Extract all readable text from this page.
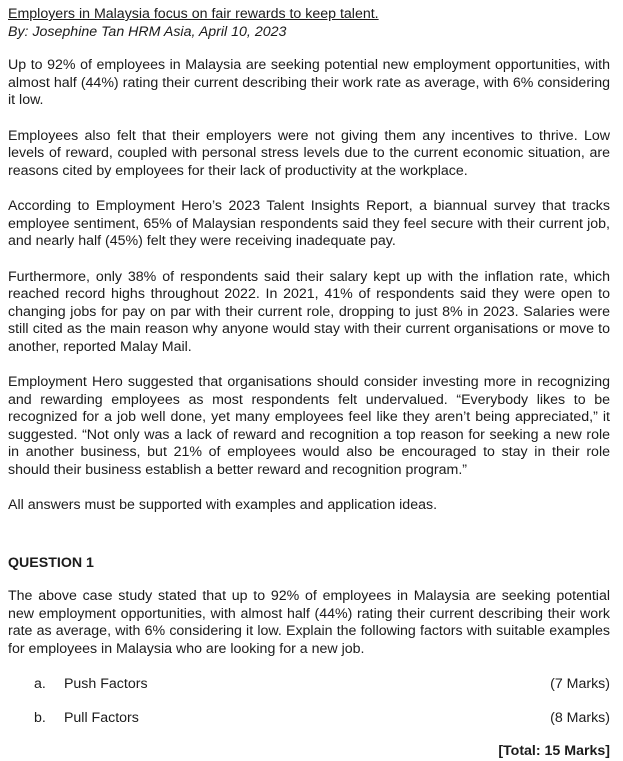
Employers in Malaysia focus on fair rewards to keep talent.

By: Josephine Tan HRM Asia, April 10, 2023

Up to 92% of employees in Malaysia are seeking potential new employment opportunities, with almost half (44%) rating their current describing their work rate as average, with 6% considering it low.

Employees also felt that their employers were not giving them any incentives to thrive. Low levels of reward, coupled with personal stress levels due to the current economic situation, are reasons cited by employees for their lack of productivity at the workplace.

According to Employment Hero’s 2023 Talent Insights Report, a biannual survey that tracks employee sentiment, 65% of Malaysian respondents said they feel secure with their current job, and nearly half (45%) felt they were receiving inadequate pay.

Furthermore, only 38% of respondents said their salary kept up with the inflation rate, which reached record highs throughout 2022. In 2021, 41% of respondents said they were open to changing jobs for pay on par with their current role, dropping to just 8% in 2023. Salaries were still cited as the main reason why anyone would stay with their current organisations or move to another, reported Malay Mail.

Employment Hero suggested that organisations should consider investing more in recognizing and rewarding employees as most respondents felt undervalued. “Everybody likes to be recognized for a job well done, yet many employees feel like they aren’t being appreciated,” it suggested. “Not only was a lack of reward and recognition a top reason for seeking a new role in another business, but 21% of employees would also be encouraged to stay in their role should their business establish a better reward and recognition program.”

All answers must be supported with examples and application ideas.

QUESTION 1

The above case study stated that up to 92% of employees in Malaysia are seeking potential new employment opportunities, with almost half (44%) rating their current describing their work rate as average, with 6% considering it low. Explain the following factors with suitable examples for employees in Malaysia who are looking for a new job.

a. Push Factors	(7 Marks)
b. Pull Factors	(8 Marks)

[Total: 15 Marks]
